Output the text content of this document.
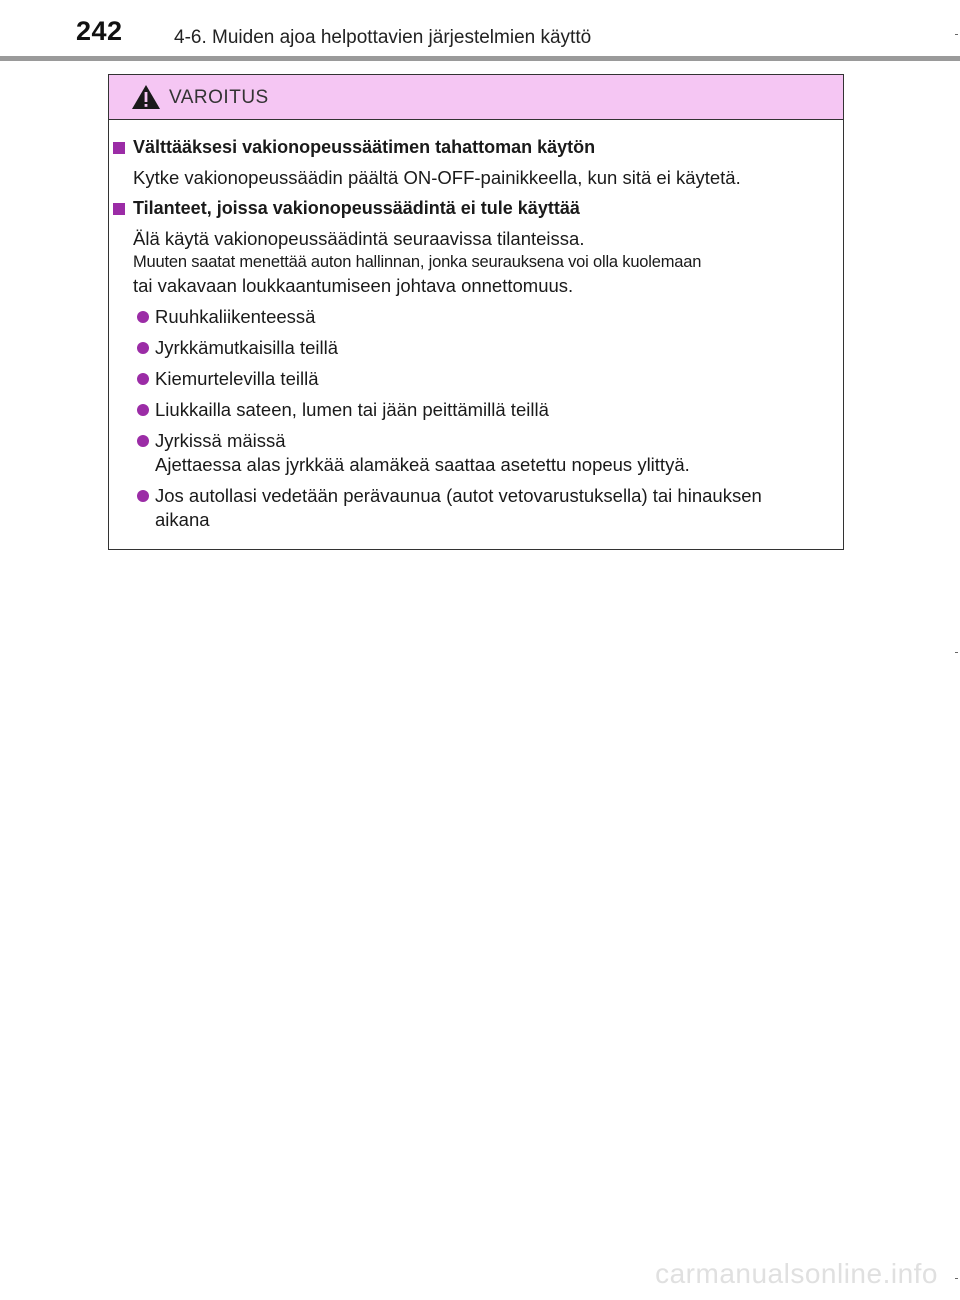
242	4-6. Muiden ajoa helpottavien järjestelmien käyttö
VAROITUS
Välttääksesi vakionopeussäätimen tahattoman käytön
Kytke vakionopeussäädin päältä ON-OFF-painikkeella, kun sitä ei käytetä.
Tilanteet, joissa vakionopeussäädintä ei tule käyttää
Älä käytä vakionopeussäädintä seuraavissa tilanteissa.
Muuten saatat menettää auton hallinnan, jonka seurauksena voi olla kuolemaan
tai vakavaan loukkaantumiseen johtava onnettomuus.
Ruuhkaliikenteessä
Jyrkkämutkaisilla teillä
Kiemurtelevilla teillä
Liukkailla sateen, lumen tai jään peittämillä teillä
Jyrkissä mäissä
Ajettaessa alas jyrkkää alamäkeä saattaa asetettu nopeus ylittyä.
Jos autollasi vedetään perävaunua (autot vetovarustuksella) tai hinauksen
aikana
carmanualsonline.info
